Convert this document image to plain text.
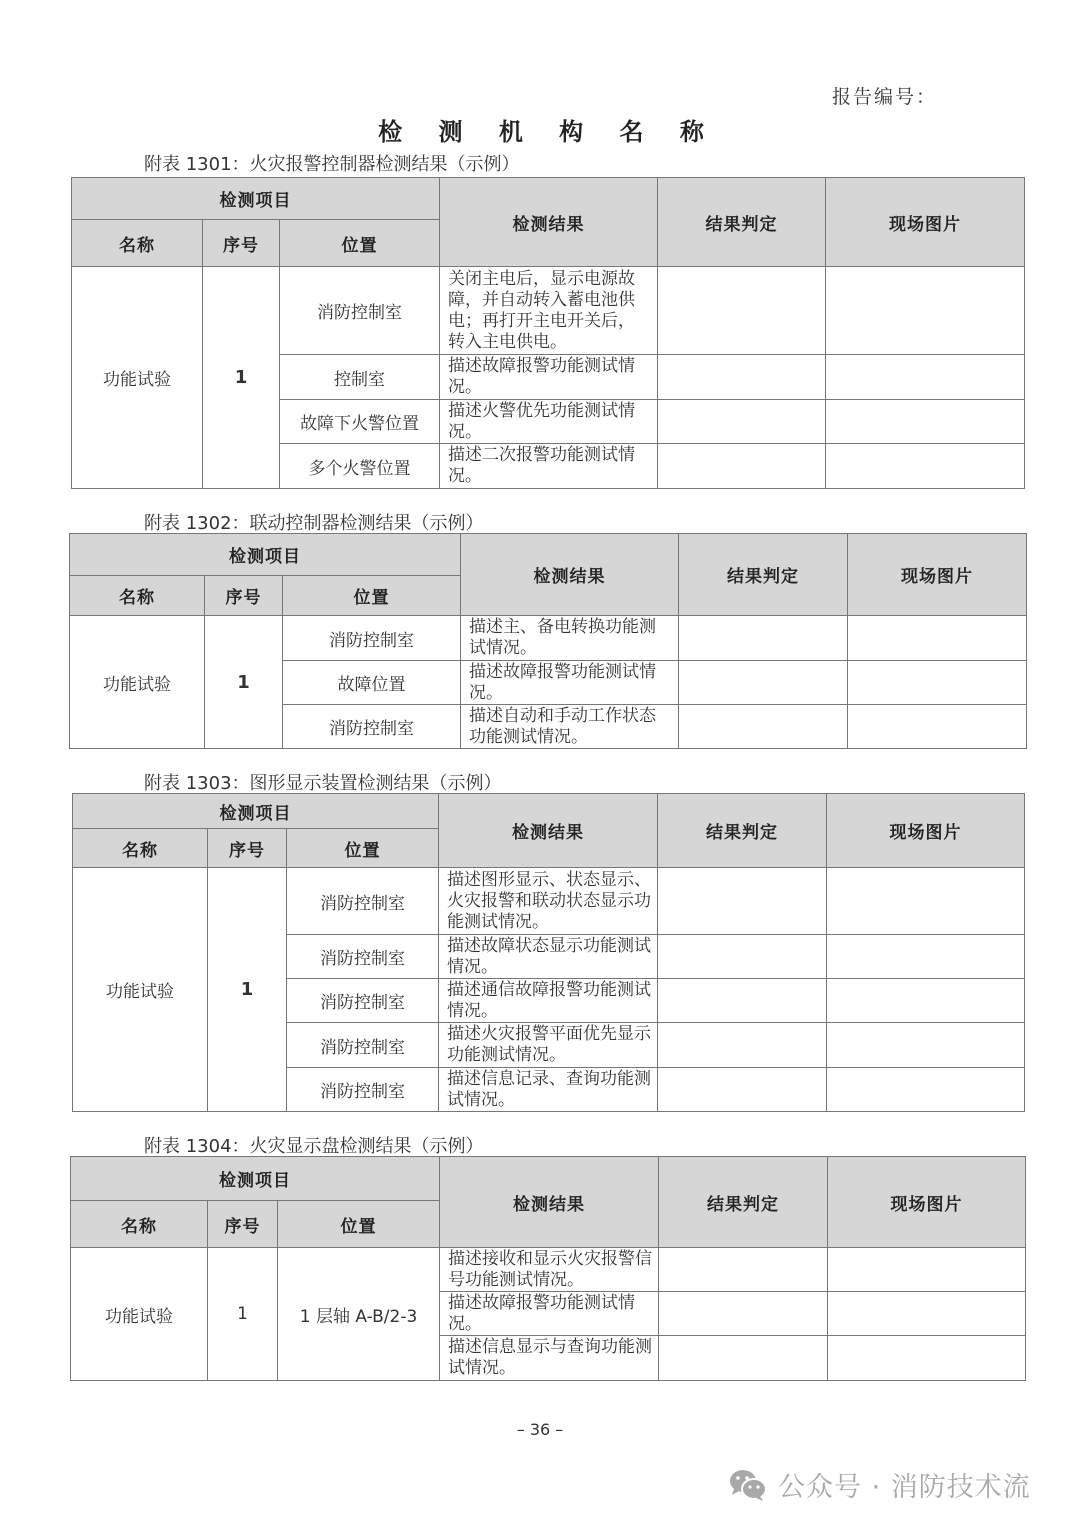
报告编号：
检 测 机 构 名 称
附表 1301：火灾报警控制器检测结果（示例）
检测项目			检测结果	结果判定	现场图片
名称	序号	位置			
功能试验	1	消防控制室	关闭主电后，显示电源故障，并自动转入蓄电池供电；再打开主电开关后，转入主电供电。		
		控制室	描述故障报警功能测试情况。		
		故障下火警位置	描述火警优先功能测试情况。		
		多个火警位置	描述二次报警功能测试情况。		
附表 1302：联动控制器检测结果（示例）
检测项目			检测结果	结果判定	现场图片
名称	序号	位置			
功能试验	1	消防控制室	描述主、备电转换功能测试情况。		
		故障位置	描述故障报警功能测试情况。		
		消防控制室	描述自动和手动工作状态功能测试情况。		
附表 1303：图形显示装置检测结果（示例）
检测项目			检测结果	结果判定	现场图片
名称	序号	位置			
功能试验	1	消防控制室	描述图形显示、状态显示、火灾报警和联动状态显示功能测试情况。		
		消防控制室	描述故障状态显示功能测试情况。		
		消防控制室	描述通信故障报警功能测试情况。		
		消防控制室	描述火灾报警平面优先显示功能测试情况。		
		消防控制室	描述信息记录、查询功能测试情况。		
附表 1304：火灾显示盘检测结果（示例）
检测项目			检测结果	结果判定	现场图片
名称	序号	位置			
功能试验	1	1 层轴 A-B/2-3	描述接收和显示火灾报警信号功能测试情况。		
			描述故障报警功能测试情况。		
			描述信息显示与查询功能测试情况。		
– 36 –
公众号 · 消防技术流
